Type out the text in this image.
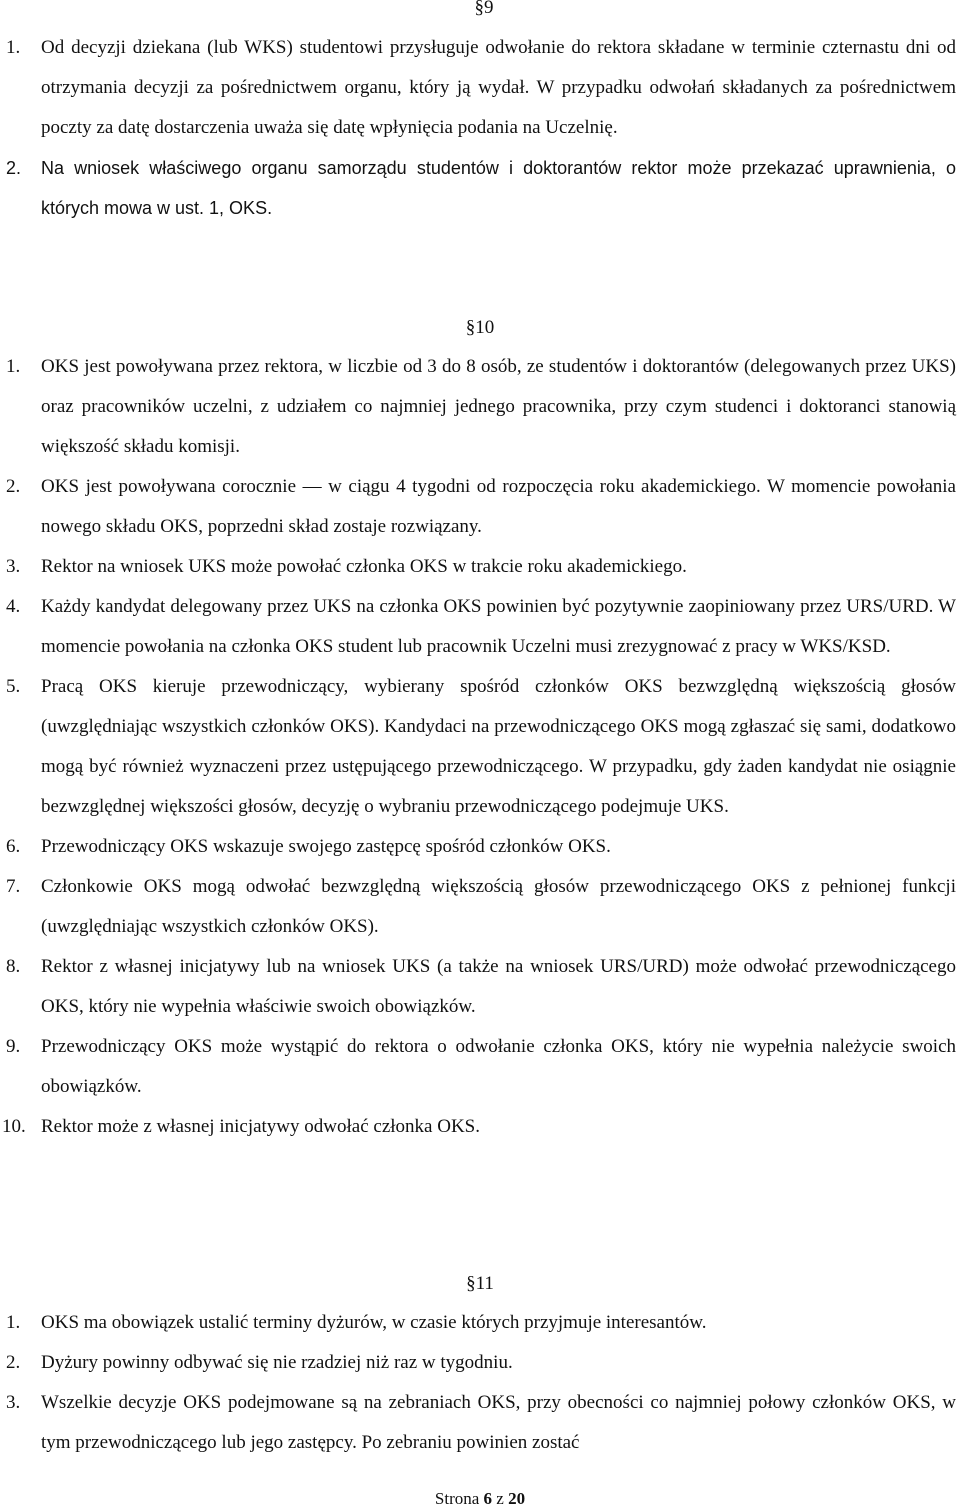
§9
1.	Od decyzji dziekana (lub WKS) studentowi przysługuje odwołanie do rektora składane w terminie czternastu dni od otrzymania decyzji za pośrednictwem organu, który ją wydał. W przypadku odwołań składanych za pośrednictwem poczty za datę dostarczenia uważa się datę wpłynięcia podania na Uczelnię.
2.	Na wniosek właściwego organu samorządu studentów i doktorantów rektor może przekazać uprawnienia, o których mowa w ust. 1, OKS.
§10
1.	OKS jest powoływana przez rektora, w liczbie od 3 do 8 osób, ze studentów i doktorantów (delegowanych przez UKS) oraz pracowników uczelni, z udziałem co najmniej jednego pracownika, przy czym studenci i doktoranci stanowią większość składu komisji.
2.	OKS jest powoływana corocznie — w ciągu 4 tygodni od rozpoczęcia roku akademickiego. W momencie powołania nowego składu OKS, poprzedni skład zostaje rozwiązany.
3.	Rektor na wniosek UKS może powołać członka OKS w trakcie roku akademickiego.
4.	Każdy kandydat delegowany przez UKS na członka OKS powinien być pozytywnie zaopiniowany przez URS/URD. W momencie powołania na członka OKS student lub pracownik Uczelni musi zrezygnować z pracy w WKS/KSD.
5.	Pracą OKS kieruje przewodniczący, wybierany spośród członków OKS bezwzględną większością głosów (uwzględniając wszystkich członków OKS). Kandydaci na przewodniczącego OKS mogą zgłaszać się sami, dodatkowo mogą być również wyznaczeni przez ustępującego przewodniczącego. W przypadku, gdy żaden kandydat nie osiągnie bezwzględnej większości głosów, decyzję o wybraniu przewodniczącego podejmuje UKS.
6.	Przewodniczący OKS wskazuje swojego zastępcę spośród członków OKS.
7.	Członkowie OKS mogą odwołać bezwzględną większością głosów przewodniczącego OKS z pełnionej funkcji (uwzględniając wszystkich członków OKS).
8.	Rektor z własnej inicjatywy lub na wniosek UKS (a także na wniosek URS/URD) może odwołać przewodniczącego OKS, który nie wypełnia właściwie swoich obowiązków.
9.	Przewodniczący OKS może wystąpić do rektora o odwołanie członka OKS, który nie wypełnia należycie swoich obowiązków.
10. Rektor może z własnej inicjatywy odwołać członka OKS.
§11
1.	OKS ma obowiązek ustalić terminy dyżurów, w czasie których przyjmuje interesantów.
2.	Dyżury powinny odbywać się nie rzadziej niż raz w tygodniu.
3.	Wszelkie decyzje OKS podejmowane są na zebraniach OKS, przy obecności co najmniej połowy członków OKS, w tym przewodniczącego lub jego zastępcy. Po zebraniu powinien zostać
Strona 6 z 20
